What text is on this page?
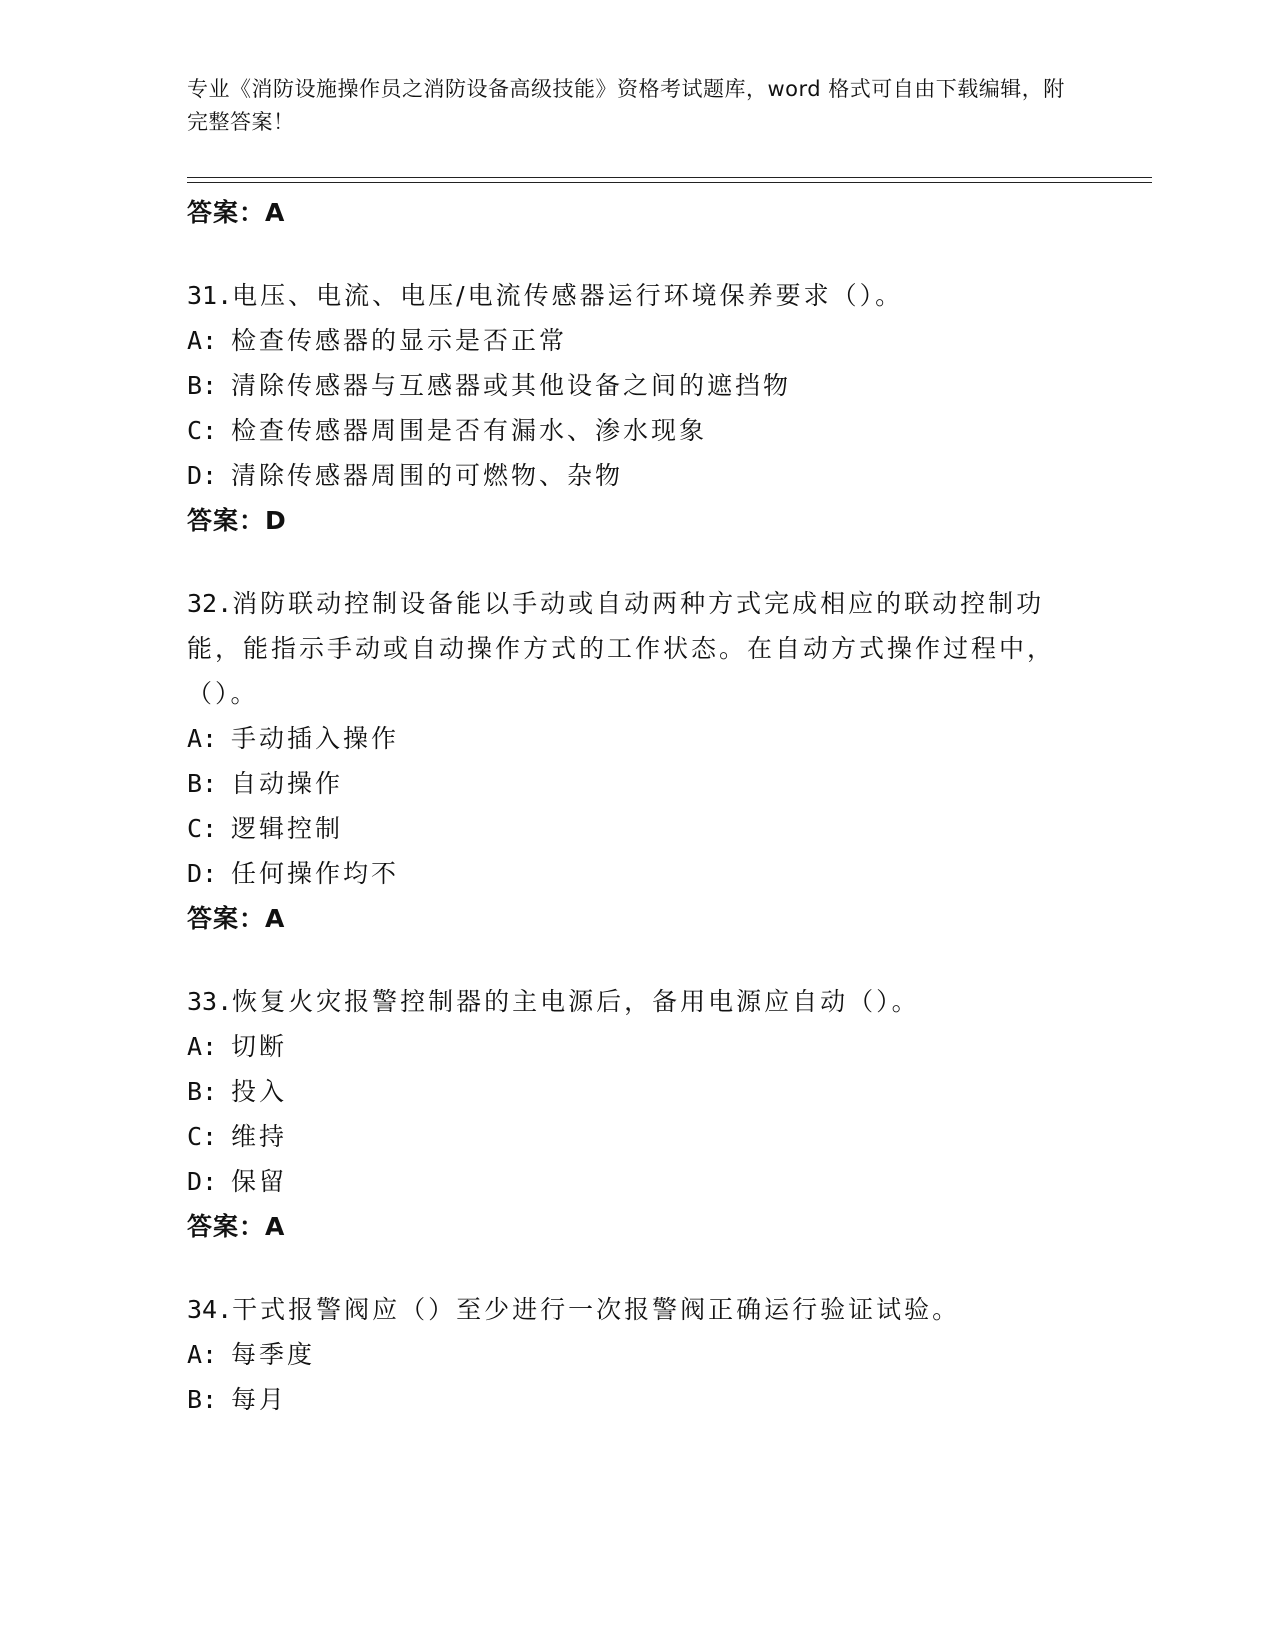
专业《消防设施操作员之消防设备高级技能》资格考试题库，word 格式可自由下载编辑，附完整答案！
答案：A
31.电压、电流、电压/电流传感器运行环境保养要求（）。
A: 检查传感器的显示是否正常
B: 清除传感器与互感器或其他设备之间的遮挡物
C: 检查传感器周围是否有漏水、渗水现象
D: 清除传感器周围的可燃物、杂物
答案：D
32.消防联动控制设备能以手动或自动两种方式完成相应的联动控制功能，能指示手动或自动操作方式的工作状态。在自动方式操作过程中，（）。
A: 手动插入操作
B: 自动操作
C: 逻辑控制
D: 任何操作均不
答案：A
33.恢复火灾报警控制器的主电源后，备用电源应自动（）。
A: 切断
B: 投入
C: 维持
D: 保留
答案：A
34.干式报警阀应（）至少进行一次报警阀正确运行验证试验。
A: 每季度
B: 每月
